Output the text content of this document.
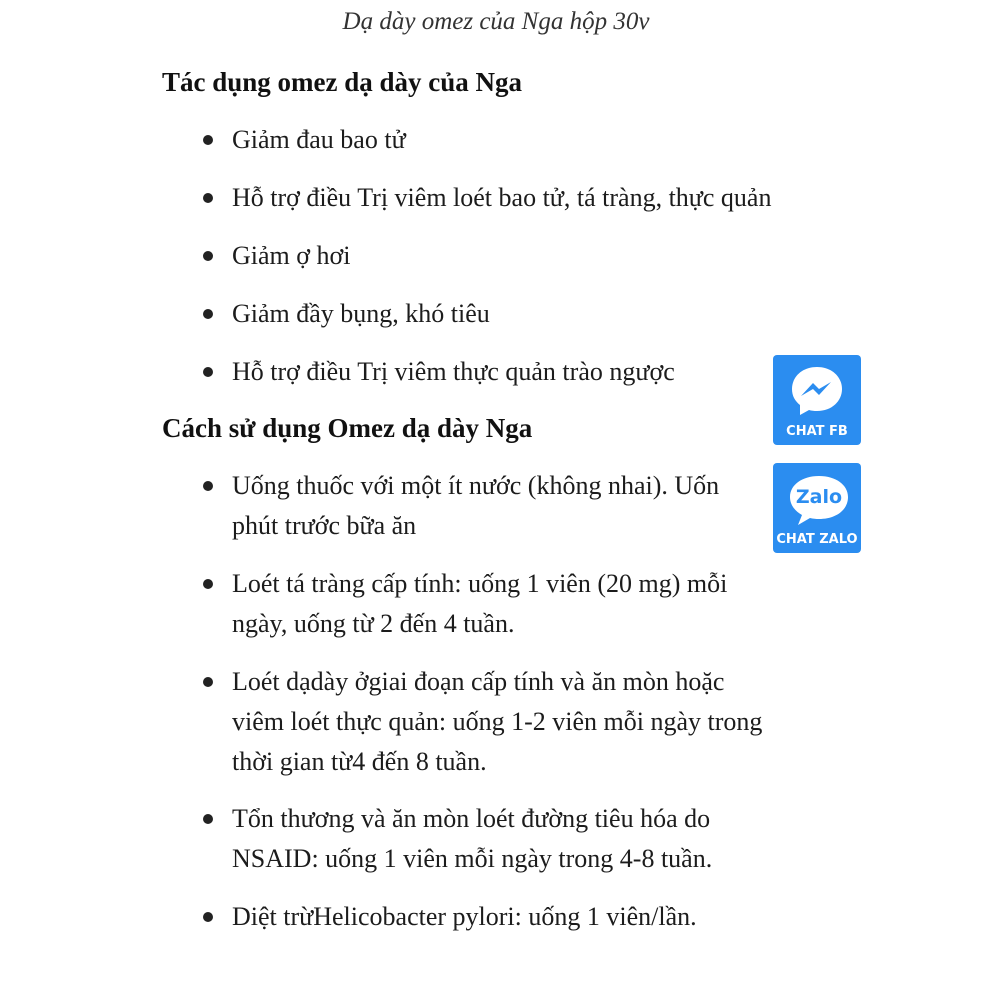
Dạ dày omez của Nga hộp 30v
Tác dụng omez dạ dày của Nga
Giảm đau bao tử
Hỗ trợ điều Trị viêm loét bao tử, tá tràng, thực quản
Giảm ợ hơi
Giảm đầy bụng, khó tiêu
Hỗ trợ điều Trị viêm thực quản trào ngược
Cách sử dụng Omez dạ dày Nga
Uống thuốc với một ít nước (không nhai). Uốn
phút trước bữa ăn
Loét tá tràng cấp tính: uống 1 viên (20 mg) mỗi
ngày, uống từ 2 đến 4 tuần.
Loét dạdày ởgiai đoạn cấp tính và ăn mòn hoặc
viêm loét thực quản: uống 1-2 viên mỗi ngày trong
thời gian từ4 đến 8 tuần.
Tổn thương và ăn mòn loét đường tiêu hóa do
NSAID: uống 1 viên mỗi ngày trong 4-8 tuần.
Diệt trừHelicobacter pylori: uống 1 viên/lần.
CHAT FB
Zalo
CHAT ZALO
